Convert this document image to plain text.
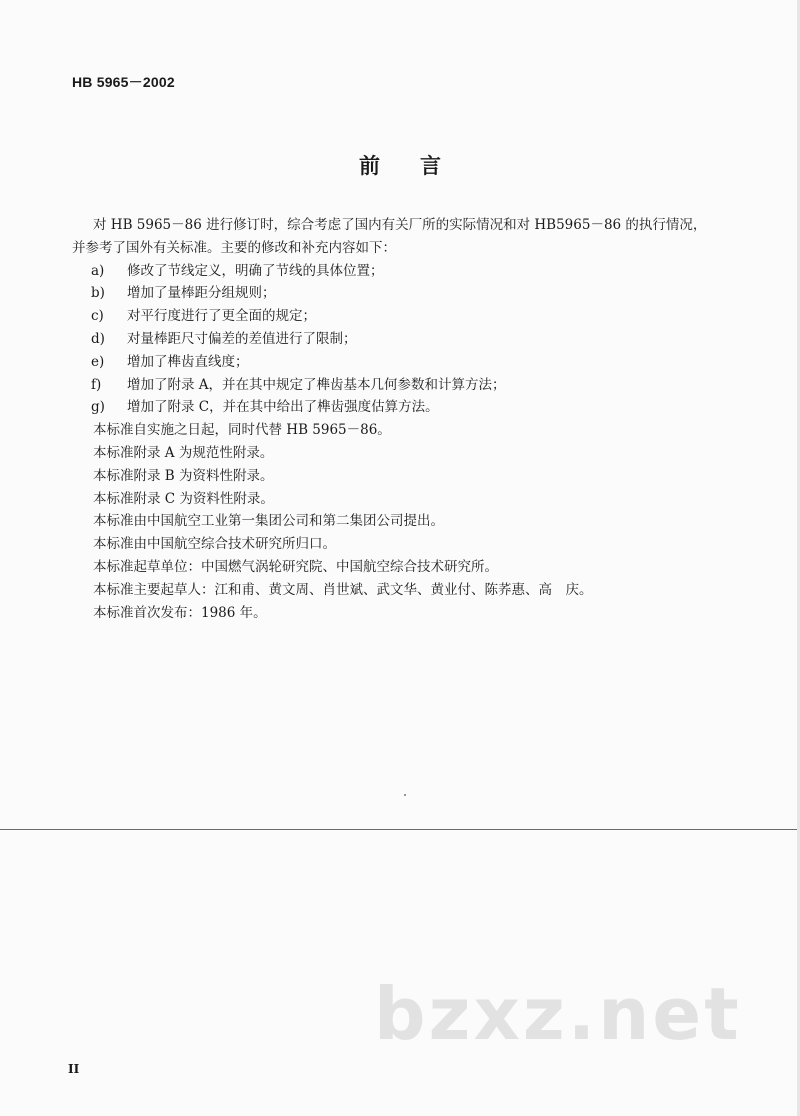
HB 5965－2002
前言
对 HB 5965－86 进行修订时，综合考虑了国内有关厂所的实际情况和对 HB5965－86 的执行情况，
并参考了国外有关标准。主要的修改和补充内容如下：
a) 修改了节线定义，明确了节线的具体位置；
b) 增加了量棒距分组规则；
c) 对平行度进行了更全面的规定；
d) 对量棒距尺寸偏差的差值进行了限制；
e) 增加了榫齿直线度；
f) 增加了附录 A，并在其中规定了榫齿基本几何参数和计算方法；
g) 增加了附录 C，并在其中给出了榫齿强度估算方法。
本标准自实施之日起，同时代替 HB 5965－86。
本标准附录 A 为规范性附录。
本标准附录 B 为资料性附录。
本标准附录 C 为资料性附录。
本标准由中国航空工业第一集团公司和第二集团公司提出。
本标准由中国航空综合技术研究所归口。
本标准起草单位：中国燃气涡轮研究院、中国航空综合技术研究所。
本标准主要起草人：江和甫、黄文周、肖世斌、武文华、黄业付、陈荞惠、高　庆。
本标准首次发布：1986 年。
bzxz.net
II
